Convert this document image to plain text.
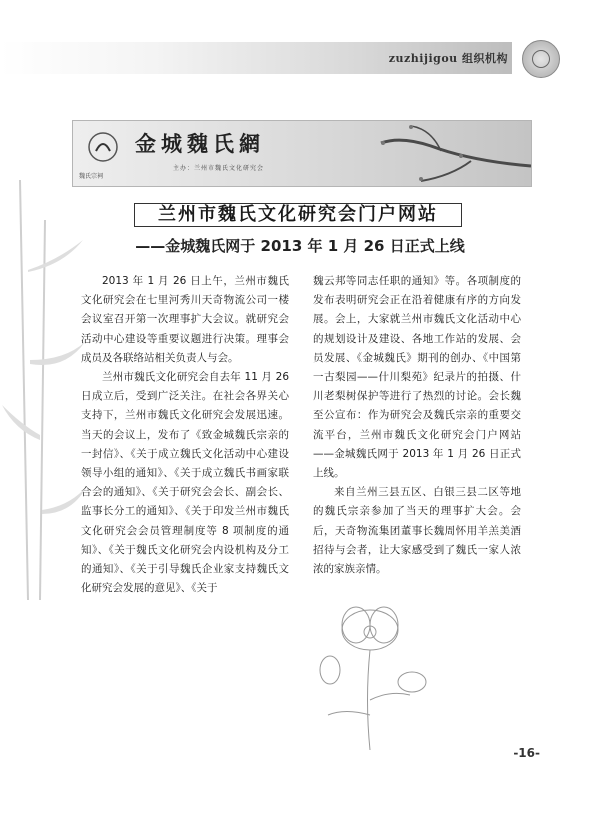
zuzhijigou 组织机构
魏氏宗祠
金城魏氏網
主办：兰州市魏氏文化研究会
兰州市魏氏文化研究会门户网站
——金城魏氏网于 2013 年 1 月 26 日正式上线

2013 年 1 月 26 日上午，兰州市魏氏文化研究会在七里河秀川天奇物流公司一楼会议室召开第一次理事扩大会议。就研究会活动中心建设等重要议题进行决策。理事会成员及各联络站相关负责人与会。

兰州市魏氏文化研究会自去年 11 月 26 日成立后，受到广泛关注。在社会各界关心支持下，兰州市魏氏文化研究会发展迅速。当天的会议上，发布了《致金城魏氏宗亲的一封信》、《关于成立魏氏文化活动中心建设领导小组的通知》、《关于成立魏氏书画家联合会的通知》、《关于研究会会长、副会长、监事长分工的通知》、《关于印发兰州市魏氏文化研究会会员管理制度等 8 项制度的通知》、《关于魏氏文化研究会内设机构及分工的通知》、《关于引导魏氏企业家支持魏氏文化研究会发展的意见》、《关于

魏云邦等同志任职的通知》等。各项制度的发布表明研究会正在沿着健康有序的方向发展。会上，大家就兰州市魏氏文化活动中心的规划设计及建设、各地工作站的发展、会员发展、《金城魏氏》期刊的创办、《中国第一古梨园——什川梨苑》纪录片的拍摄、什川老梨树保护等进行了热烈的讨论。会长魏至公宣布：作为研究会及魏氏宗亲的重要交流平台，兰州市魏氏文化研究会门户网站——金城魏氏网于 2013 年 1 月 26 日正式上线。

来自兰州三县五区、白银三县二区等地的魏氏宗亲参加了当天的理事扩大会。会后，天奇物流集团董事长魏周怀用羊羔美酒招待与会者，让大家感受到了魏氏一家人浓浓的家族亲情。

-16-
